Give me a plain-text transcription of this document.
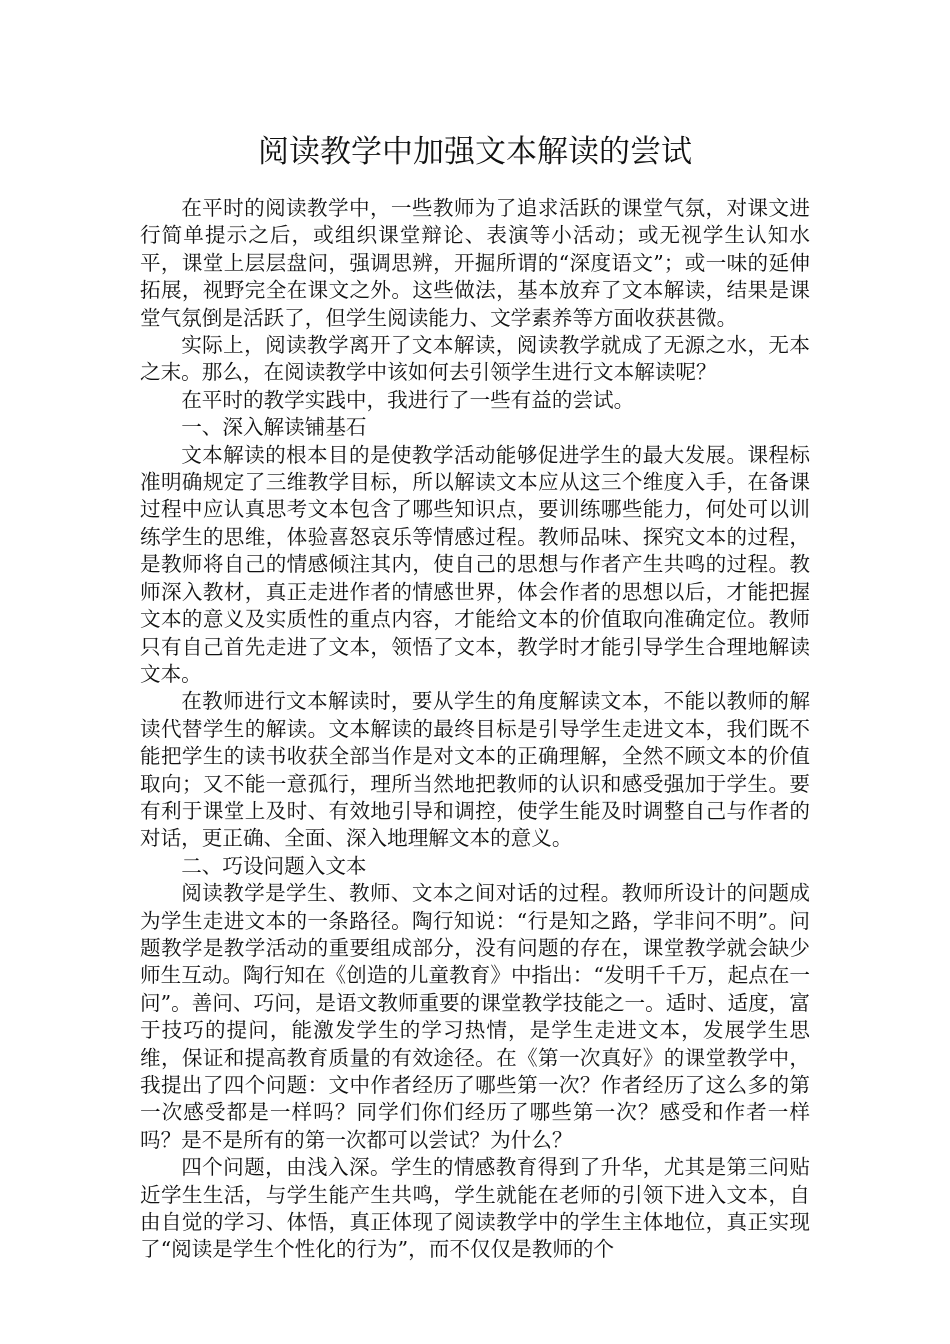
阅读教学中加强文本解读的尝试

在平时的阅读教学中，一些教师为了追求活跃的课堂气氛，对课文进行简单提示之后，或组织课堂辩论、表演等小活动；或无视学生认知水平，课堂上层层盘问，强调思辨，开掘所谓的“深度语文”；或一味的延伸拓展，视野完全在课文之外。这些做法，基本放弃了文本解读，结果是课堂气氛倒是活跃了，但学生阅读能力、文学素养等方面收获甚微。

实际上，阅读教学离开了文本解读，阅读教学就成了无源之水，无本之末。那么，在阅读教学中该如何去引领学生进行文本解读呢？

在平时的教学实践中，我进行了一些有益的尝试。

一、深入解读铺基石

文本解读的根本目的是使教学活动能够促进学生的最大发展。课程标准明确规定了三维教学目标，所以解读文本应从这三个维度入手，在备课过程中应认真思考文本包含了哪些知识点，要训练哪些能力，何处可以训练学生的思维，体验喜怒哀乐等情感过程。教师品味、探究文本的过程，是教师将自己的情感倾注其内，使自己的思想与作者产生共鸣的过程。教师深入教材，真正走进作者的情感世界，体会作者的思想以后，才能把握文本的意义及实质性的重点内容，才能给文本的价值取向准确定位。教师只有自己首先走进了文本，领悟了文本，教学时才能引导学生合理地解读文本。

在教师进行文本解读时，要从学生的角度解读文本，不能以教师的解读代替学生的解读。文本解读的最终目标是引导学生走进文本，我们既不能把学生的读书收获全部当作是对文本的正确理解，全然不顾文本的价值取向；又不能一意孤行，理所当然地把教师的认识和感受强加于学生。要有利于课堂上及时、有效地引导和调控，使学生能及时调整自己与作者的对话，更正确、全面、深入地理解文本的意义。

二、巧设问题入文本

阅读教学是学生、教师、文本之间对话的过程。教师所设计的问题成为学生走进文本的一条路径。陶行知说：“行是知之路，学非问不明”。问题教学是教学活动的重要组成部分，没有问题的存在，课堂教学就会缺少师生互动。陶行知在《创造的儿童教育》中指出：“发明千千万，起点在一问”。善问、巧问，是语文教师重要的课堂教学技能之一。适时、适度，富于技巧的提问，能激发学生的学习热情，是学生走进文本，发展学生思维，保证和提高教育质量的有效途径。在《第一次真好》的课堂教学中，我提出了四个问题：文中作者经历了哪些第一次？作者经历了这么多的第一次感受都是一样吗？同学们你们经历了哪些第一次？感受和作者一样吗？是不是所有的第一次都可以尝试？为什么？

四个问题，由浅入深。学生的情感教育得到了升华，尤其是第三问贴近学生生活，与学生能产生共鸣，学生就能在老师的引领下进入文本，自由自觉的学习、体悟，真正体现了阅读教学中的学生主体地位，真正实现了“阅读是学生个性化的行为”，而不仅仅是教师的个
